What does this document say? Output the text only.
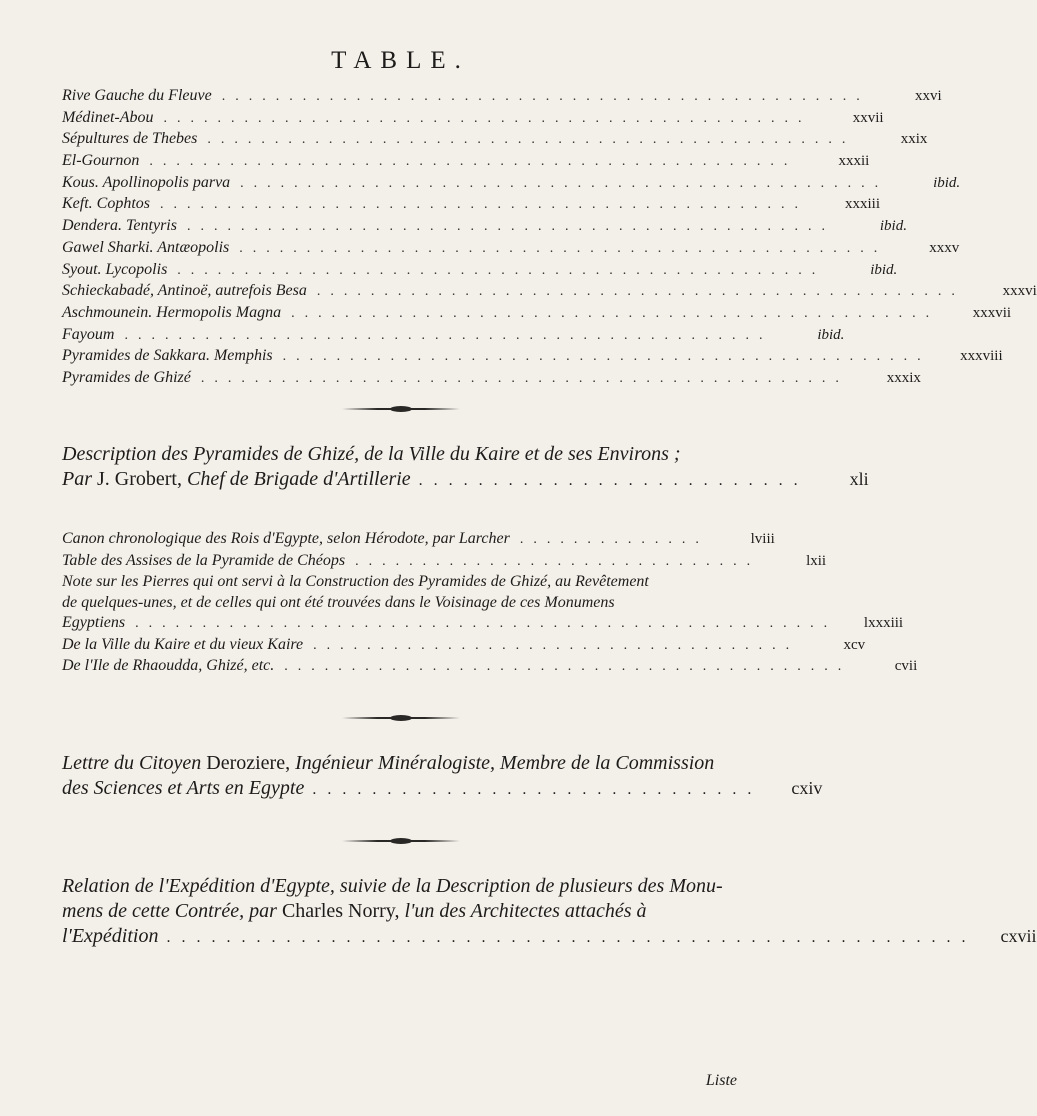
TABLE.
Rive Gauche du Fleuve ................................................	xxvi
Médinet-Abou ................................................	xxvii
Sépultures de Thebes ................................................	xxix
El-Gournon ................................................	xxxii
Kous. Apollinopolis parva ................................................	ibid.
Keft. Cophtos ................................................	xxxiii
Dendera. Tentyris ................................................	ibid.
Gawel Sharki. Antæopolis ................................................	xxxv
Syout. Lycopolis ................................................	ibid.
Schieckabadé, Antinoë, autrefois Besa ................................................	xxxvi
Aschmounein. Hermopolis Magna ................................................	xxxvii
Fayoum ................................................	ibid.
Pyramides de Sakkara. Memphis ................................................	xxxviii
Pyramides de Ghizé ................................................	xxxix
Description des Pyramides de Ghizé, de la Ville du Kaire et de ses Environs ;
Par J. Grobert, Chef de Brigade d'Artillerie ..........................	xli
Canon chronologique des Rois d'Egypte, selon Hérodote, par Larcher ..............	lviii
Table des Assises de la Pyramide de Chéops ..............................	lxii
Note sur les Pierres qui ont servi à la Construction des Pyramides de Ghizé, au Revêtement
de quelques-unes, et de celles qui ont été trouvées dans le Voisinage de ces Monumens
Egyptiens ....................................................	lxxxiii
De la Ville du Kaire et du vieux Kaire ....................................	xcv
De l'Ile de Rhaoudda, Ghizé, etc. ..........................................	cvii
Lettre du Citoyen Deroziere, Ingénieur Minéralogiste, Membre de la Commission
des Sciences et Arts en Egypte ..............................	cxiv
Relation de l'Expédition d'Egypte, suivie de la Description de plusieurs des Monu-
mens de cette Contrée, par Charles Norry, l'un des Architectes attachés à
l'Expédition ......................................................	cxvii
Liste
